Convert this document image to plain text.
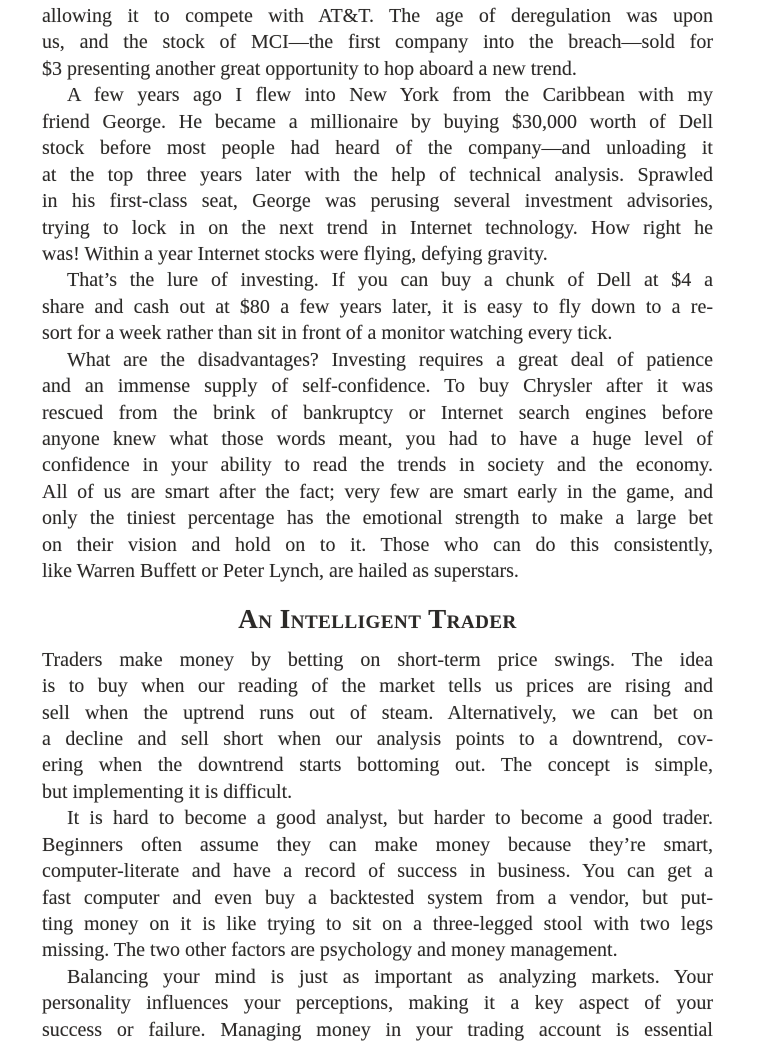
allowing it to compete with AT&T. The age of deregulation was upon
us, and the stock of MCI—the first company into the breach—sold for
$3 presenting another great opportunity to hop aboard a new trend.
A few years ago I flew into New York from the Caribbean with my
friend George. He became a millionaire by buying $30,000 worth of Dell
stock before most people had heard of the company—and unloading it
at the top three years later with the help of technical analysis. Sprawled
in his first-class seat, George was perusing several investment advisories,
trying to lock in on the next trend in Internet technology. How right he
was! Within a year Internet stocks were flying, defying gravity.
That’s the lure of investing. If you can buy a chunk of Dell at $4 a
share and cash out at $80 a few years later, it is easy to fly down to a re-
sort for a week rather than sit in front of a monitor watching every tick.
What are the disadvantages? Investing requires a great deal of patience
and an immense supply of self-confidence. To buy Chrysler after it was
rescued from the brink of bankruptcy or Internet search engines before
anyone knew what those words meant, you had to have a huge level of
confidence in your ability to read the trends in society and the economy.
All of us are smart after the fact; very few are smart early in the game, and
only the tiniest percentage has the emotional strength to make a large bet
on their vision and hold on to it. Those who can do this consistently,
like Warren Buffett or Peter Lynch, are hailed as superstars.
An Intelligent Trader
Traders make money by betting on short-term price swings. The idea
is to buy when our reading of the market tells us prices are rising and
sell when the uptrend runs out of steam. Alternatively, we can bet on
a decline and sell short when our analysis points to a downtrend, cov-
ering when the downtrend starts bottoming out. The concept is simple,
but implementing it is difficult.
It is hard to become a good analyst, but harder to become a good trader.
Beginners often assume they can make money because they’re smart,
computer-literate and have a record of success in business. You can get a
fast computer and even buy a backtested system from a vendor, but put-
ting money on it is like trying to sit on a three-legged stool with two legs
missing. The two other factors are psychology and money management.
Balancing your mind is just as important as analyzing markets. Your
personality influences your perceptions, making it a key aspect of your
success or failure. Managing money in your trading account is essential
